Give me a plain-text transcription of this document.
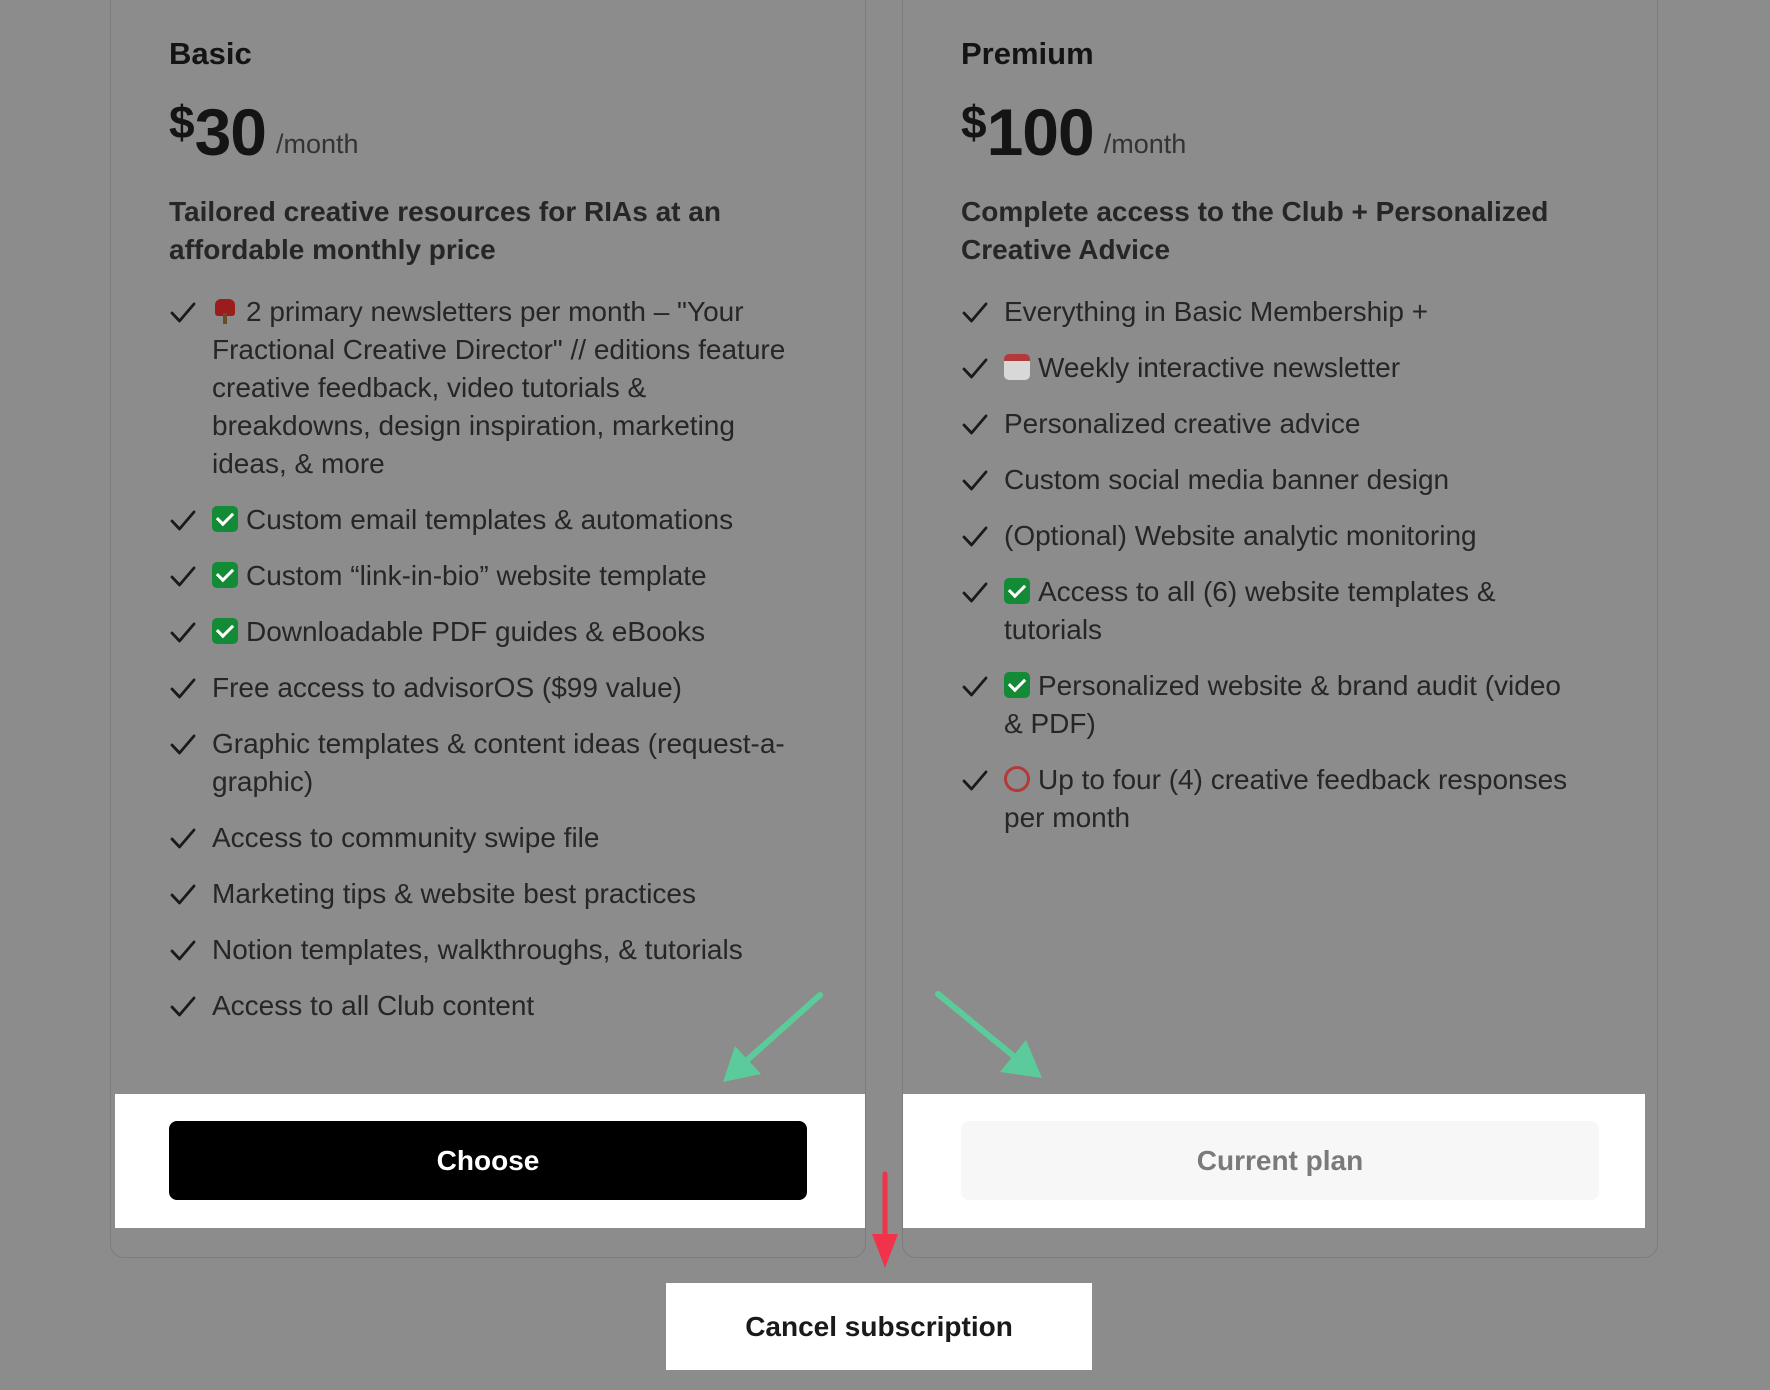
Basic
$ 30 /month
Tailored creative resources for RIAs at an affordable monthly price
2 primary newsletters per month – "Your Fractional Creative Director" // editions feature creative feedback, video tutorials & breakdowns, design inspiration, marketing ideas, & more
Custom email templates & automations
Custom “link-in-bio” website template
Downloadable PDF guides & eBooks
Free access to advisorOS ($99 value)
Graphic templates & content ideas (request-a-graphic)
Access to community swipe file
Marketing tips & website best practices
Notion templates, walkthroughs, & tutorials
Access to all Club content
Premium
$ 100 /month
Complete access to the Club + Personalized Creative Advice
Everything in Basic Membership +
Weekly interactive newsletter
Personalized creative advice
Custom social media banner design
(Optional) Website analytic monitoring
Access to all (6) website templates & tutorials
Personalized website & brand audit (video & PDF)
Up to four (4) creative feedback responses per month
Choose	Current plan
Cancel subscription
